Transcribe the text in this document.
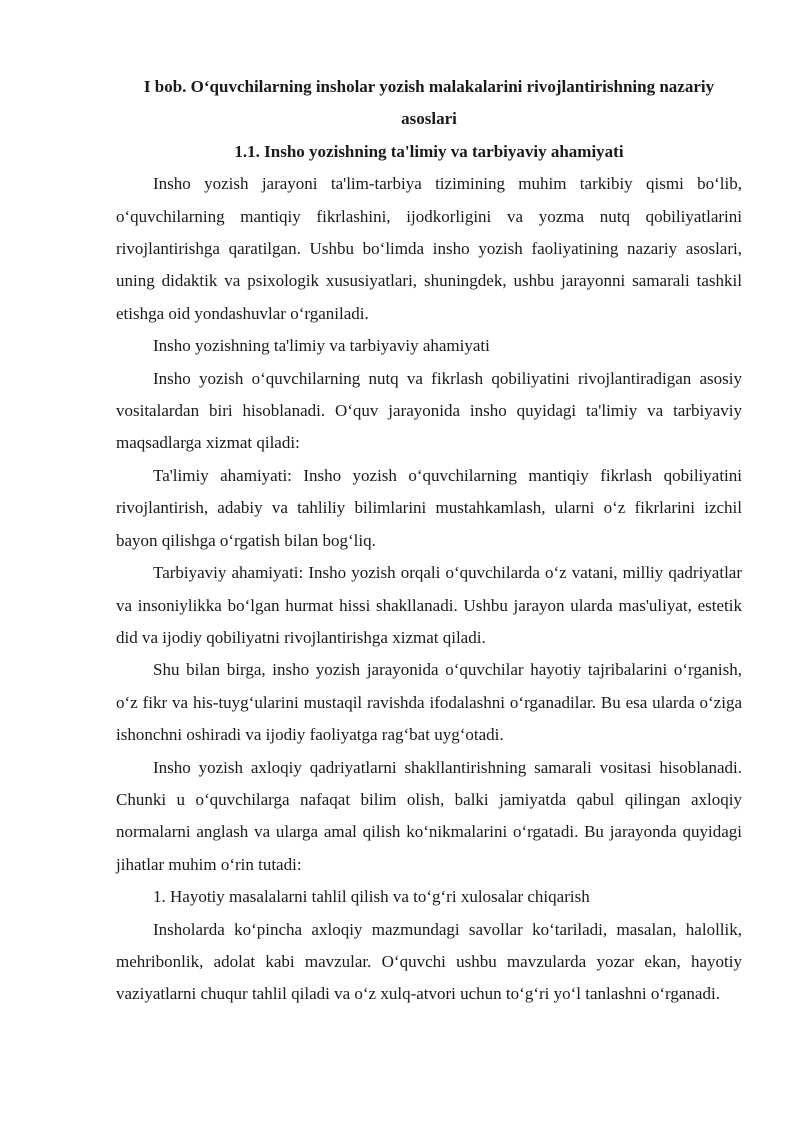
I bob. O‘quvchilarning insholar yozish malakalarini rivojlantirishning nazariy asoslari
1.1. Insho yozishning ta'limiy va tarbiyaviy ahamiyati

Insho yozish jarayoni ta'lim-tarbiya tizimining muhim tarkibiy qismi bo‘lib, o‘quvchilarning mantiqiy fikrlashini, ijodkorligini va yozma nutq qobiliyatlarini rivojlantirishga qaratilgan. Ushbu bo‘limda insho yozish faoliyatining nazariy asoslari, uning didaktik va psixologik xususiyatlari, shuningdek, ushbu jarayonni samarali tashkil etishga oid yondashuvlar o‘rganiladi.

Insho yozishning ta'limiy va tarbiyaviy ahamiyati

Insho yozish o‘quvchilarning nutq va fikrlash qobiliyatini rivojlantiradigan asosiy vositalardan biri hisoblanadi. O‘quv jarayonida insho quyidagi ta'limiy va tarbiyaviy maqsadlarga xizmat qiladi:

Ta'limiy ahamiyati: Insho yozish o‘quvchilarning mantiqiy fikrlash qobiliyatini rivojlantirish, adabiy va tahliliy bilimlarini mustahkamlash, ularni o‘z fikrlarini izchil bayon qilishga o‘rgatish bilan bog‘liq.

Tarbiyaviy ahamiyati: Insho yozish orqali o‘quvchilarda o‘z vatani, milliy qadriyatlar va insoniylikka bo‘lgan hurmat hissi shakllanadi. Ushbu jarayon ularda mas'uliyat, estetik did va ijodiy qobiliyatni rivojlantirishga xizmat qiladi.

Shu bilan birga, insho yozish jarayonida o‘quvchilar hayotiy tajribalarini o‘rganish, o‘z fikr va his-tuyg‘ularini mustaqil ravishda ifodalashni o‘rganadilar. Bu esa ularda o‘ziga ishonchni oshiradi va ijodiy faoliyatga rag‘bat uyg‘otadi.

Insho yozish axloqiy qadriyatlarni shakllantirishning samarali vositasi hisoblanadi. Chunki u o‘quvchilarga nafaqat bilim olish, balki jamiyatda qabul qilingan axloqiy normalarni anglash va ularga amal qilish ko‘nikmalarini o‘rgatadi. Bu jarayonda quyidagi jihatlar muhim o‘rin tutadi:

1. Hayotiy masalalarni tahlil qilish va to‘g‘ri xulosalar chiqarish

Insholarda ko‘pincha axloqiy mazmundagi savollar ko‘tariladi, masalan, halollik, mehribonlik, adolat kabi mavzular. O‘quvchi ushbu mavzularda yozar ekan, hayotiy vaziyatlarni chuqur tahlil qiladi va o‘z xulq-atvori uchun to‘g‘ri yo‘l tanlashni o‘rganadi.
